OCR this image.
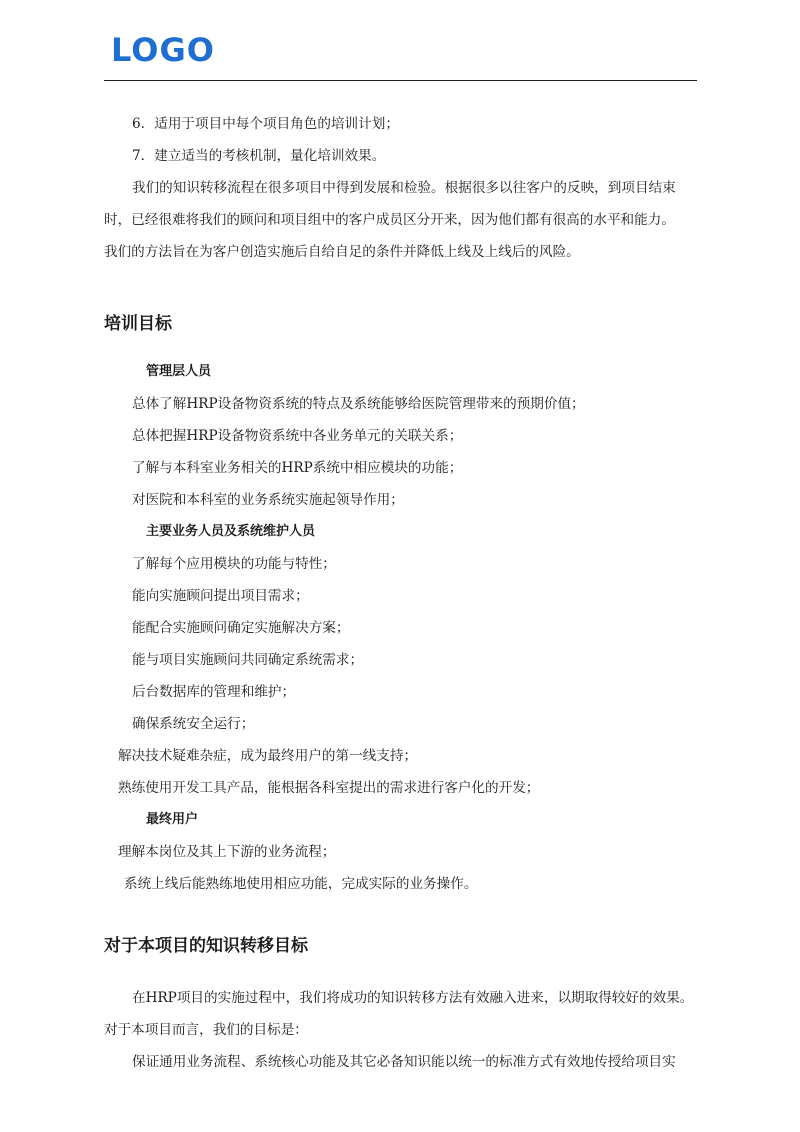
LOGO

6．适用于项目中每个项目角色的培训计划；

7．建立适当的考核机制，量化培训效果。

我们的知识转移流程在很多项目中得到发展和检验。根据很多以往客户的反映，到项目结束

时，已经很难将我们的顾问和项目组中的客户成员区分开来，因为他们都有很高的水平和能力。

我们的方法旨在为客户创造实施后自给自足的条件并降低上线及上线后的风险。

培训目标
管理层人员

总体了解HRP设备物资系统的特点及系统能够给医院管理带来的预期价值；

总体把握HRP设备物资系统中各业务单元的关联关系；

了解与本科室业务相关的HRP系统中相应模块的功能；

对医院和本科室的业务系统实施起领导作用；

主要业务人员及系统维护人员

了解每个应用模块的功能与特性；

能向实施顾问提出项目需求；

能配合实施顾问确定实施解决方案；

能与项目实施顾问共同确定系统需求；

后台数据库的管理和维护；

确保系统安全运行；

解决技术疑难杂症，成为最终用户的第一线支持；

熟练使用开发工具产品，能根据各科室提出的需求进行客户化的开发；

最终用户

理解本岗位及其上下游的业务流程；

系统上线后能熟练地使用相应功能，完成实际的业务操作。

对于本项目的知识转移目标

在HRP项目的实施过程中，我们将成功的知识转移方法有效融入进来，以期取得较好的效果。

对于本项目而言，我们的目标是：

保证通用业务流程、系统核心功能及其它必备知识能以统一的标准方式有效地传授给项目实
